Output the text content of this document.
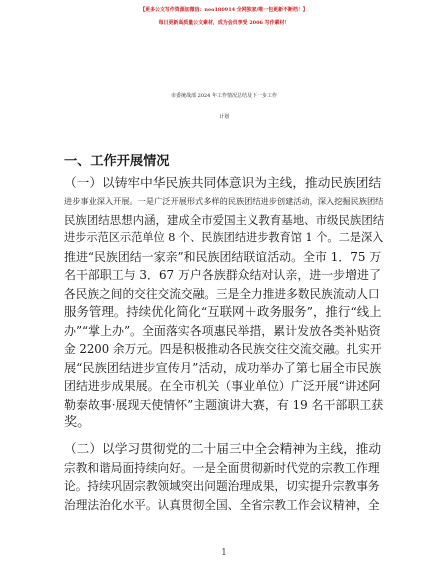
【更多公文写作资源加微信：neo180914 全网独家/唯一包更新不断档！】
每日更新高质量公文素材，成为会员享受 2006 写作素材！
市委统战部 2024 年工作情况总结及下一步工作
计划
一、工作开展情况
（一）以铸牢中华民族共同体意识为主线，推动民族团结
进步事业深入开展。一是广泛开展形式多样的民族团结进步创建活动，深入挖掘民族团结
民族团结思想内涵，建成全市爱国主义教育基地、市级民族团结
进步示范区示范单位 8 个、民族团结进步教育馆 1 个。二是深入
推进“民族团结一家亲”和民族团结联谊活动。全市 1．75 万
名干部职工与 3．67 万户各族群众结对认亲，进一步增进了
各民族之间的交往交流交融。三是全力推进多数民族流动人口
服务管理。持续优化简化“互联网＋政务服务”，推行“线上
办”“掌上办”。全面落实各项惠民举措，累计发放各类补贴资
金 2200 余万元。四是积极推动各民族交往交流交融。扎实开
展“民族团结进步宣传月”活动，成功举办了第七届全市民族
团结进步成果展。在全市机关（事业单位）广泛开展“讲述阿
勒泰故事·展现天使情怀”主题演讲大赛，有 19 名干部职工获
奖。
（二）以学习贯彻党的二十届三中全会精神为主线，推动
宗教和谐局面持续向好。一是全面贯彻新时代党的宗教工作理
论。持续巩固宗教领域突出问题治理成果，切实提升宗教事务
治理法治化水平。认真贯彻全国、全省宗教工作会议精神，全
1
